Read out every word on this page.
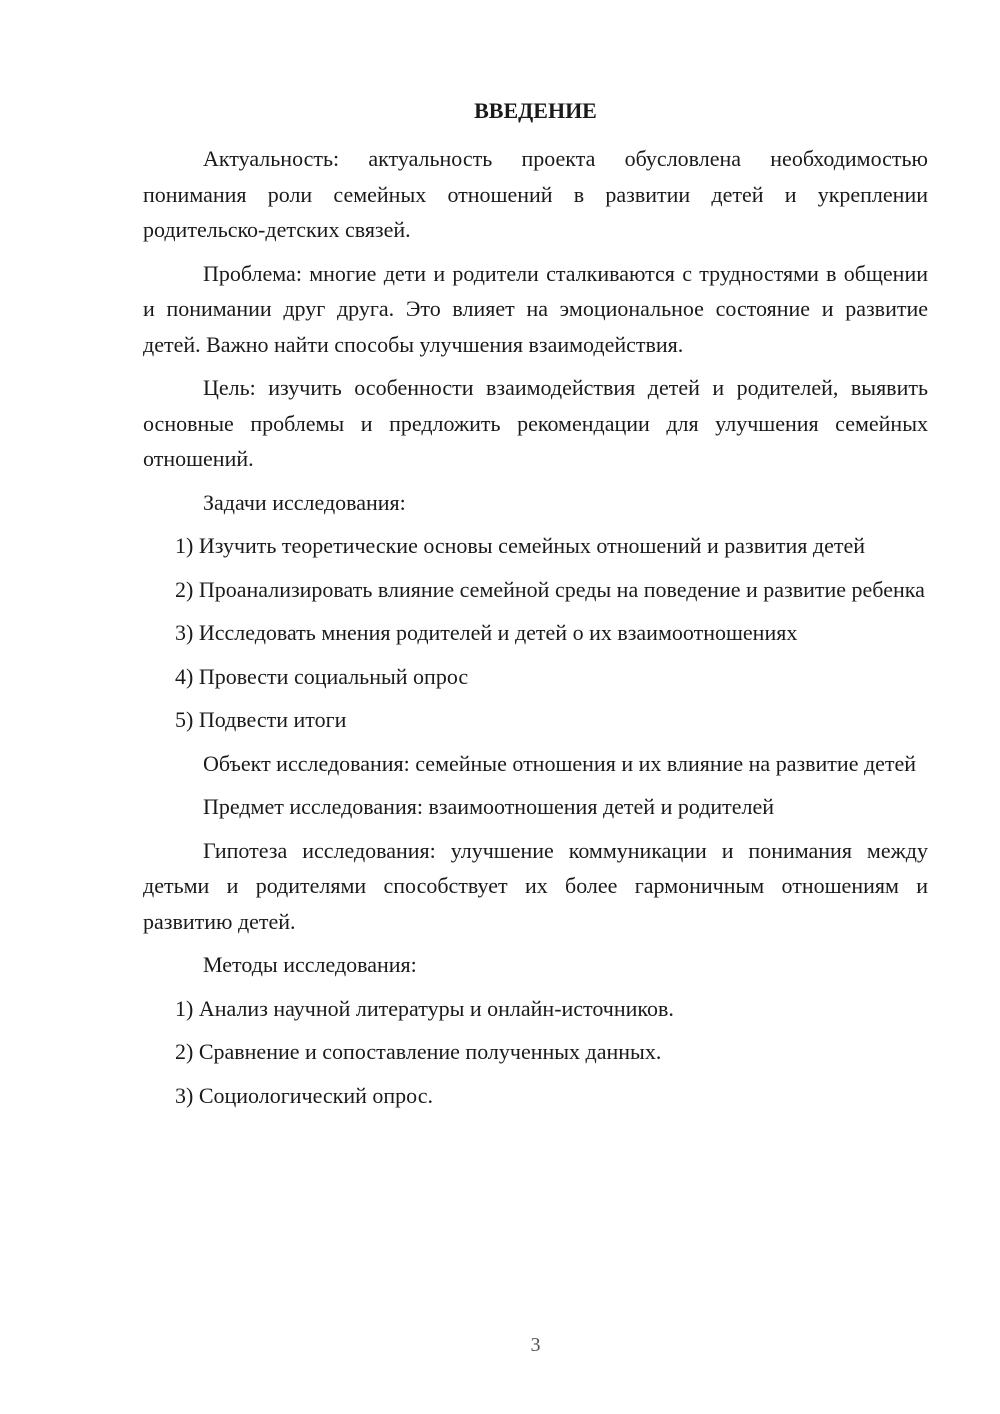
ВВЕДЕНИЕ

Актуальность: актуальность проекта обусловлена необходимостью понимания роли семейных отношений в развитии детей и укреплении родительско-детских связей.

Проблема: многие дети и родители сталкиваются с трудностями в общении и понимании друг друга. Это влияет на эмоциональное состояние и развитие детей. Важно найти способы улучшения взаимодействия.

Цель: изучить особенности взаимодействия детей и родителей, выявить основные проблемы и предложить рекомендации для улучшения семейных отношений.

Задачи исследования:

1) Изучить теоретические основы семейных отношений и развития детей

2) Проанализировать влияние семейной среды на поведение и развитие ребенка

3) Исследовать мнения родителей и детей о их взаимоотношениях

4) Провести социальный опрос

5) Подвести итоги

Объект исследования: семейные отношения и их влияние на развитие детей

Предмет исследования: взаимоотношения детей и родителей

Гипотеза исследования: улучшение коммуникации и понимания между детьми и родителями способствует их более гармоничным отношениям и развитию детей.

Методы исследования:

1) Анализ научной литературы и онлайн-источников.

2) Сравнение и сопоставление полученных данных.

3) Социологический опрос.

3
